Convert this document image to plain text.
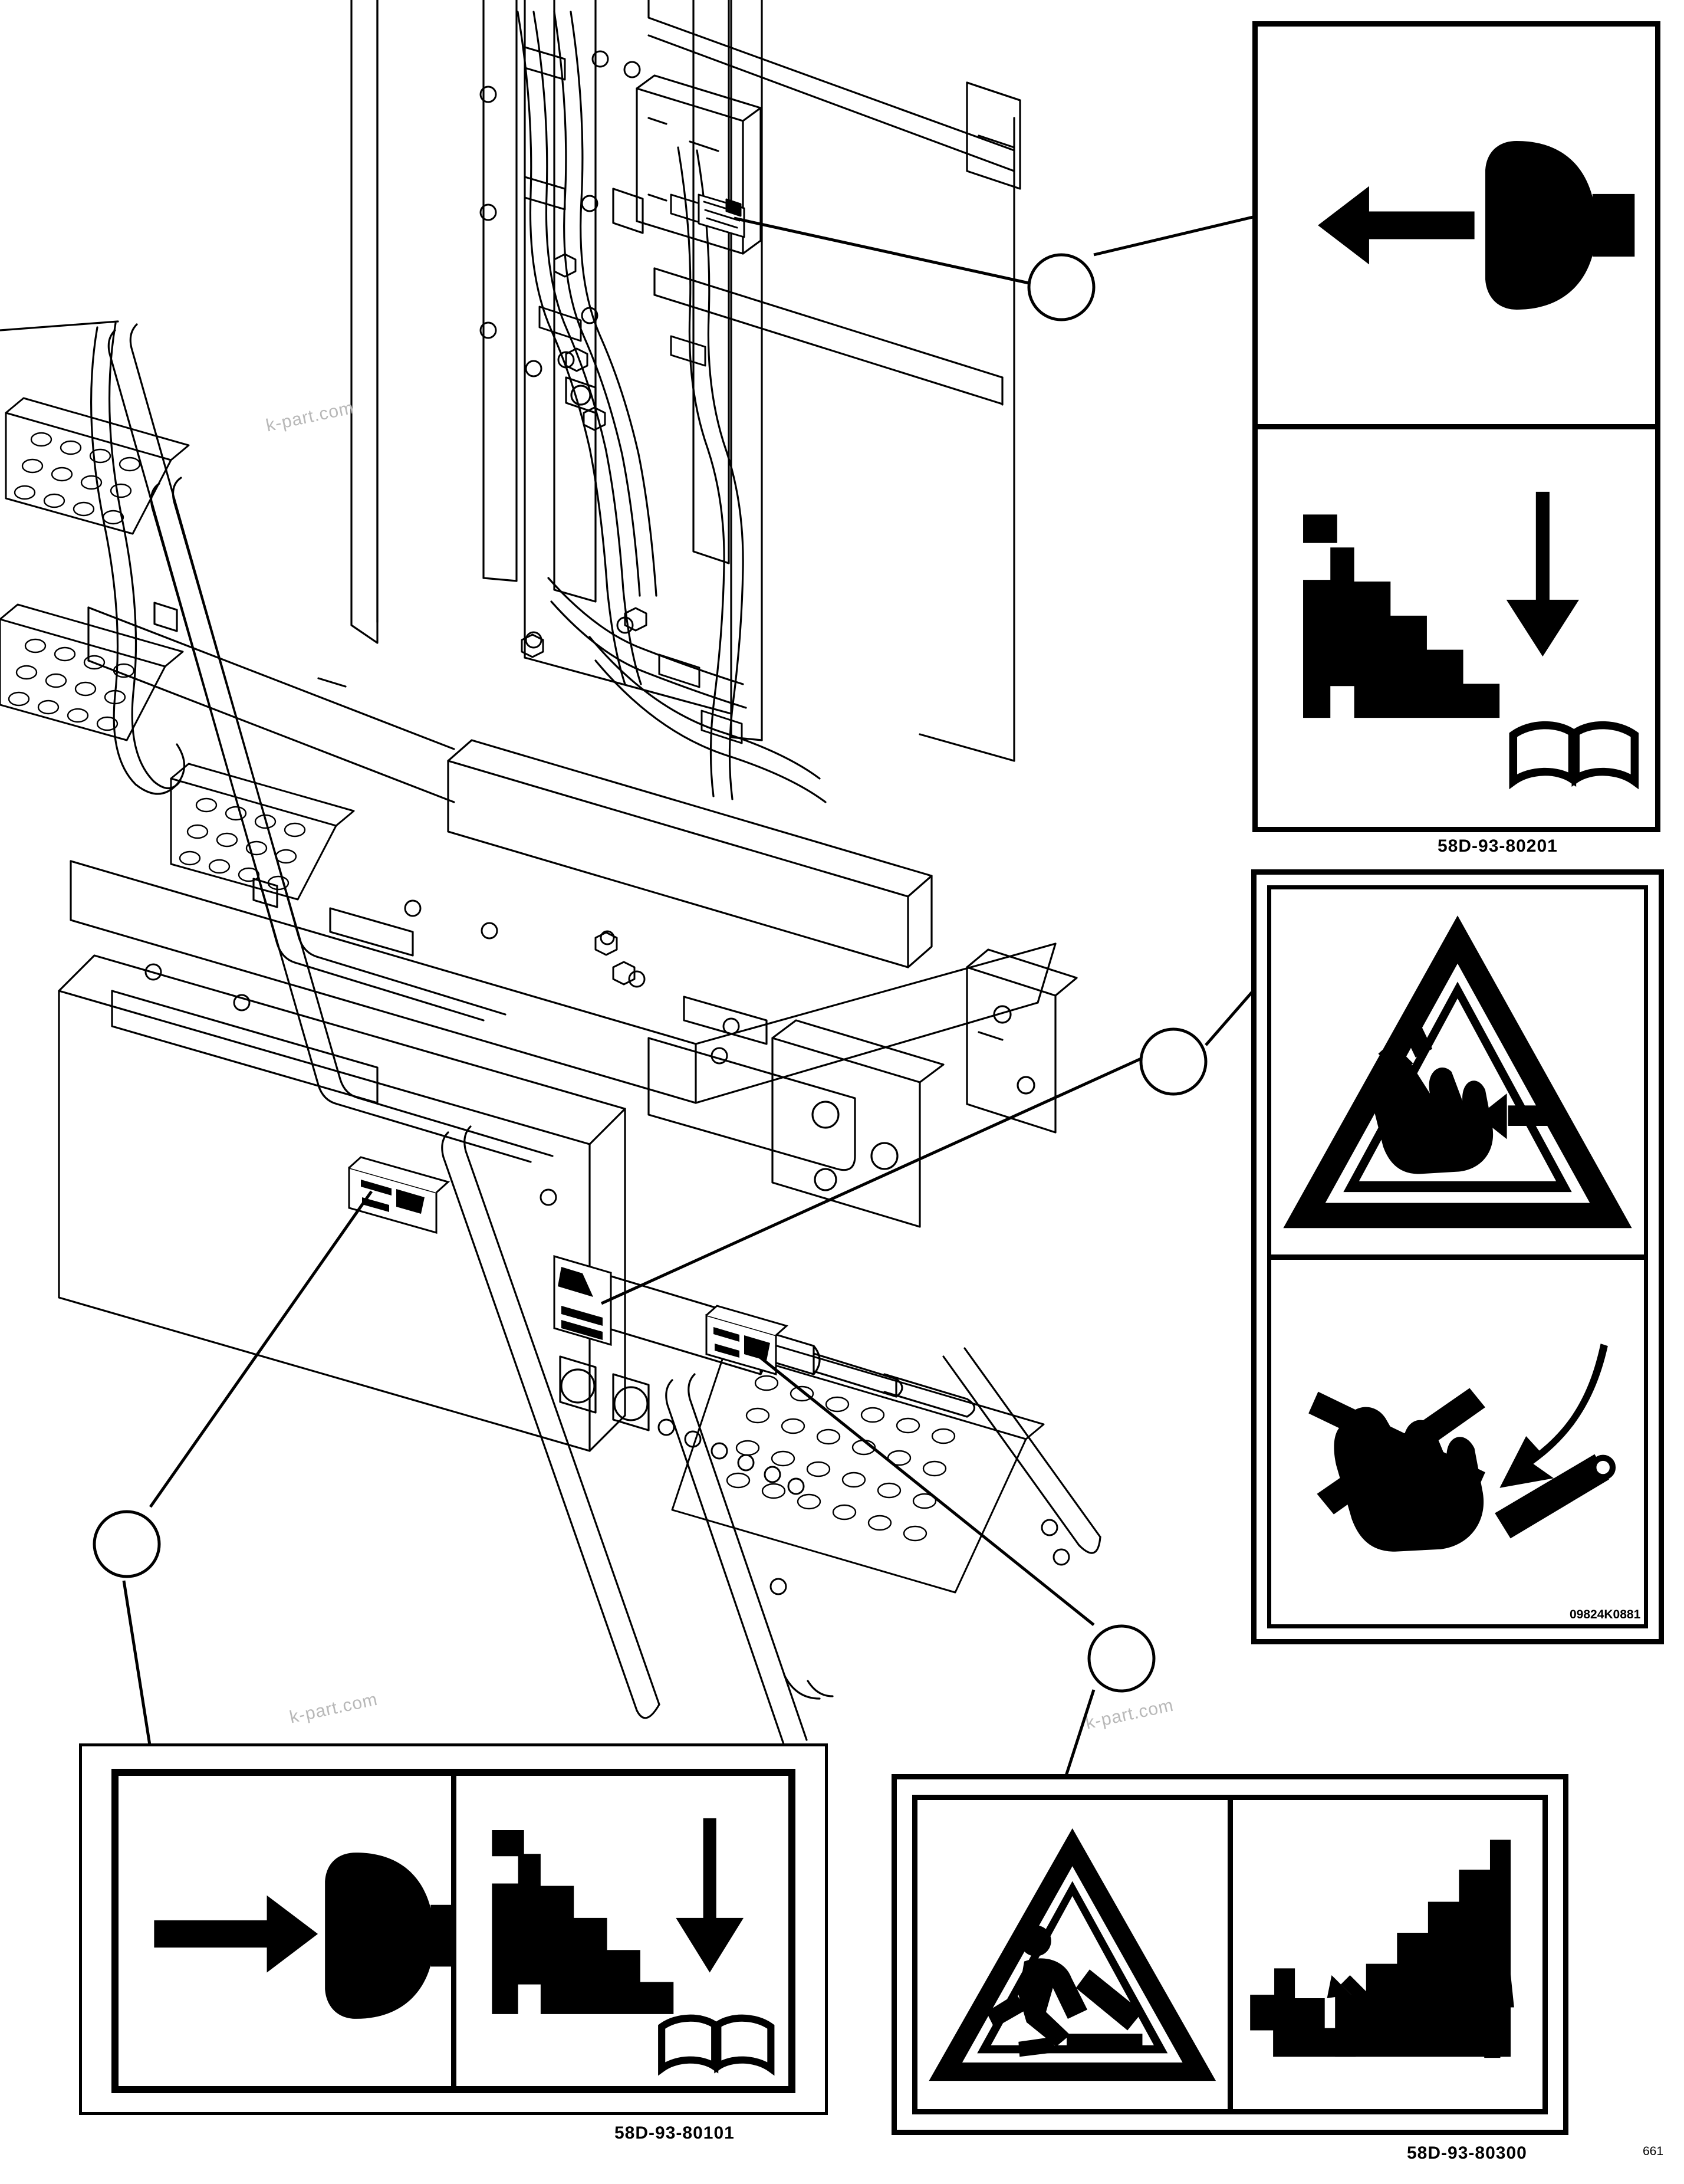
k-part.com
k-part.com	k-part.com
58D-93-80201
09824K0881
58D-93-80101
58D-93-80300	661
